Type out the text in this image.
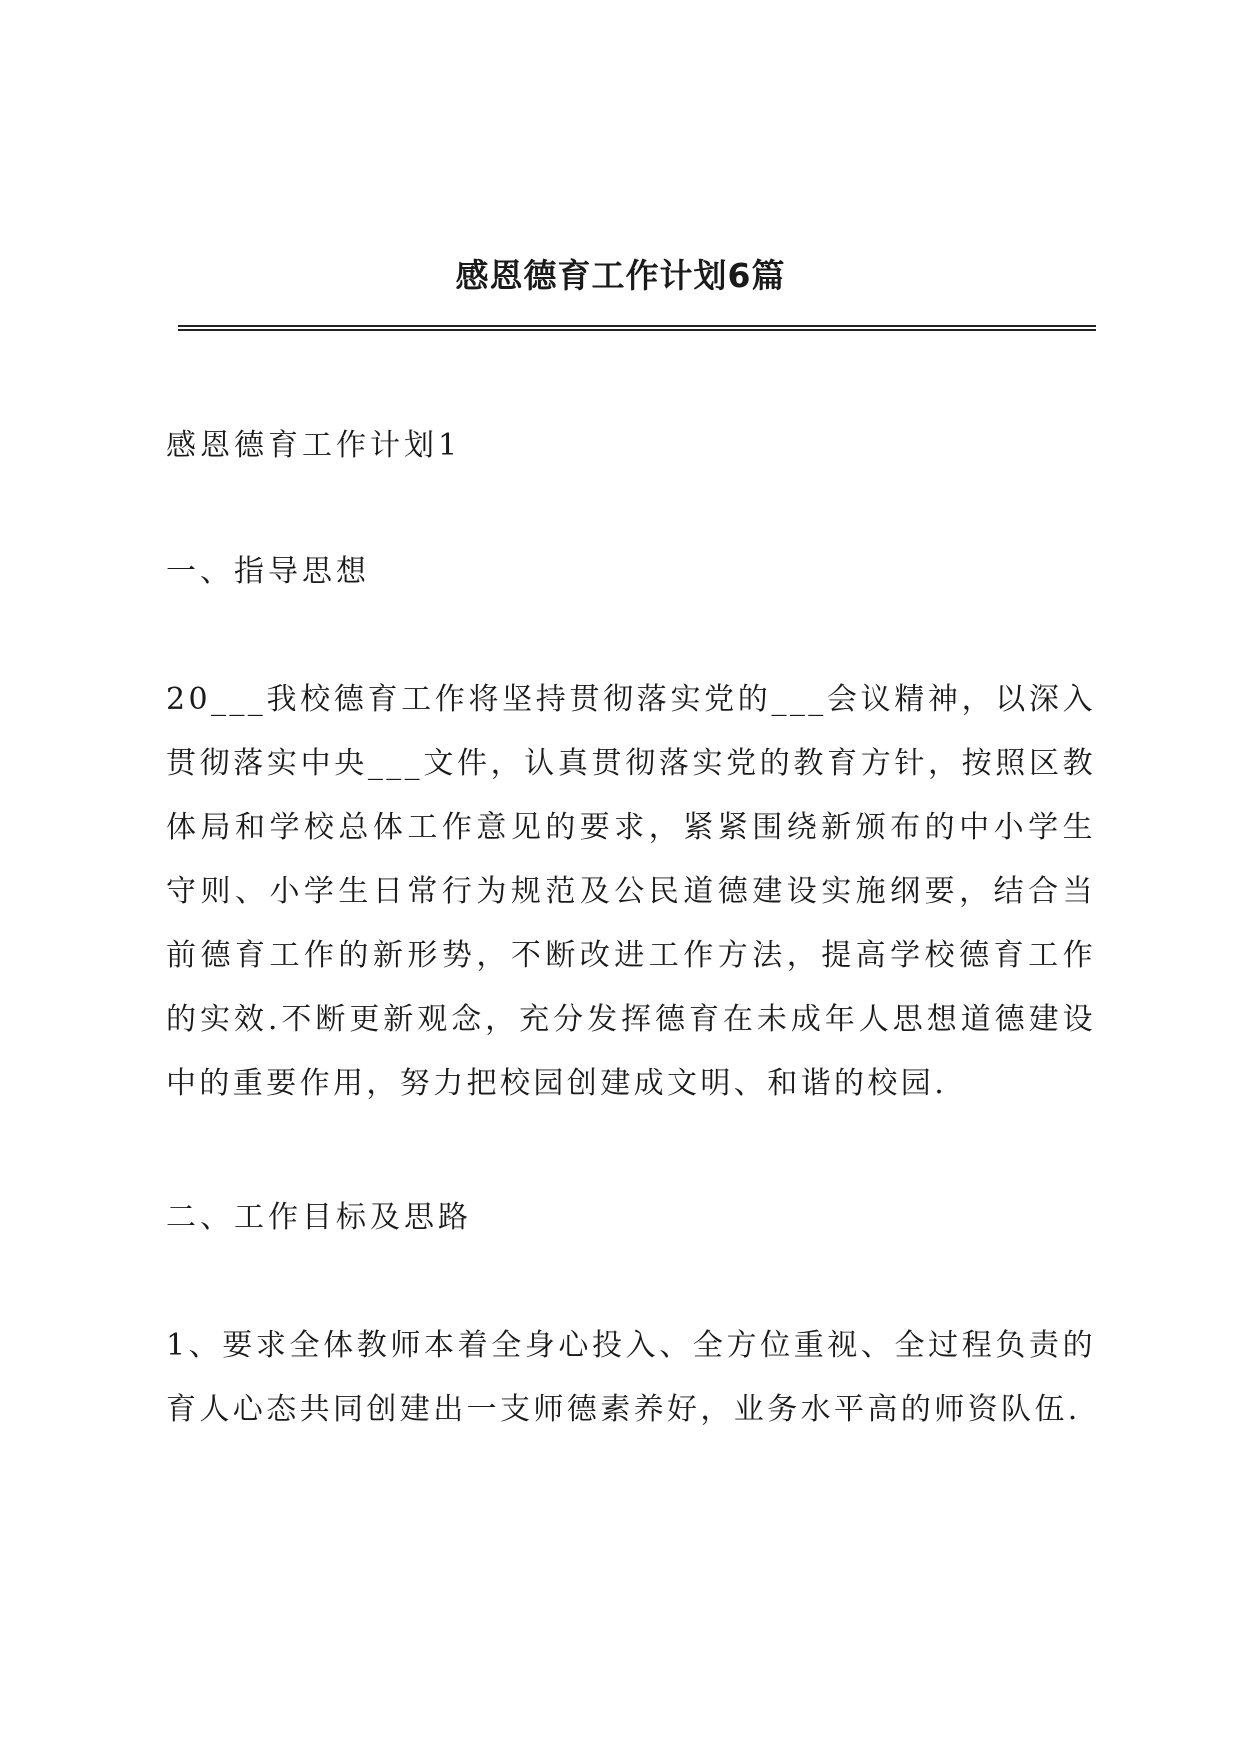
感恩德育工作计划6篇
感恩德育工作计划1
一、指导思想
20___我校德育工作将坚持贯彻落实党的___会议精神，以深入贯彻落实中央___文件，认真贯彻落实党的教育方针，按照区教体局和学校总体工作意见的要求，紧紧围绕新颁布的中小学生守则、小学生日常行为规范及公民道德建设实施纲要，结合当前德育工作的新形势，不断改进工作方法，提高学校德育工作的实效.不断更新观念，充分发挥德育在未成年人思想道德建设中的重要作用，努力把校园创建成文明、和谐的校园.
二、工作目标及思路
1、要求全体教师本着全身心投入、全方位重视、全过程负责的育人心态共同创建出一支师德素养好，业务水平高的师资队伍.
